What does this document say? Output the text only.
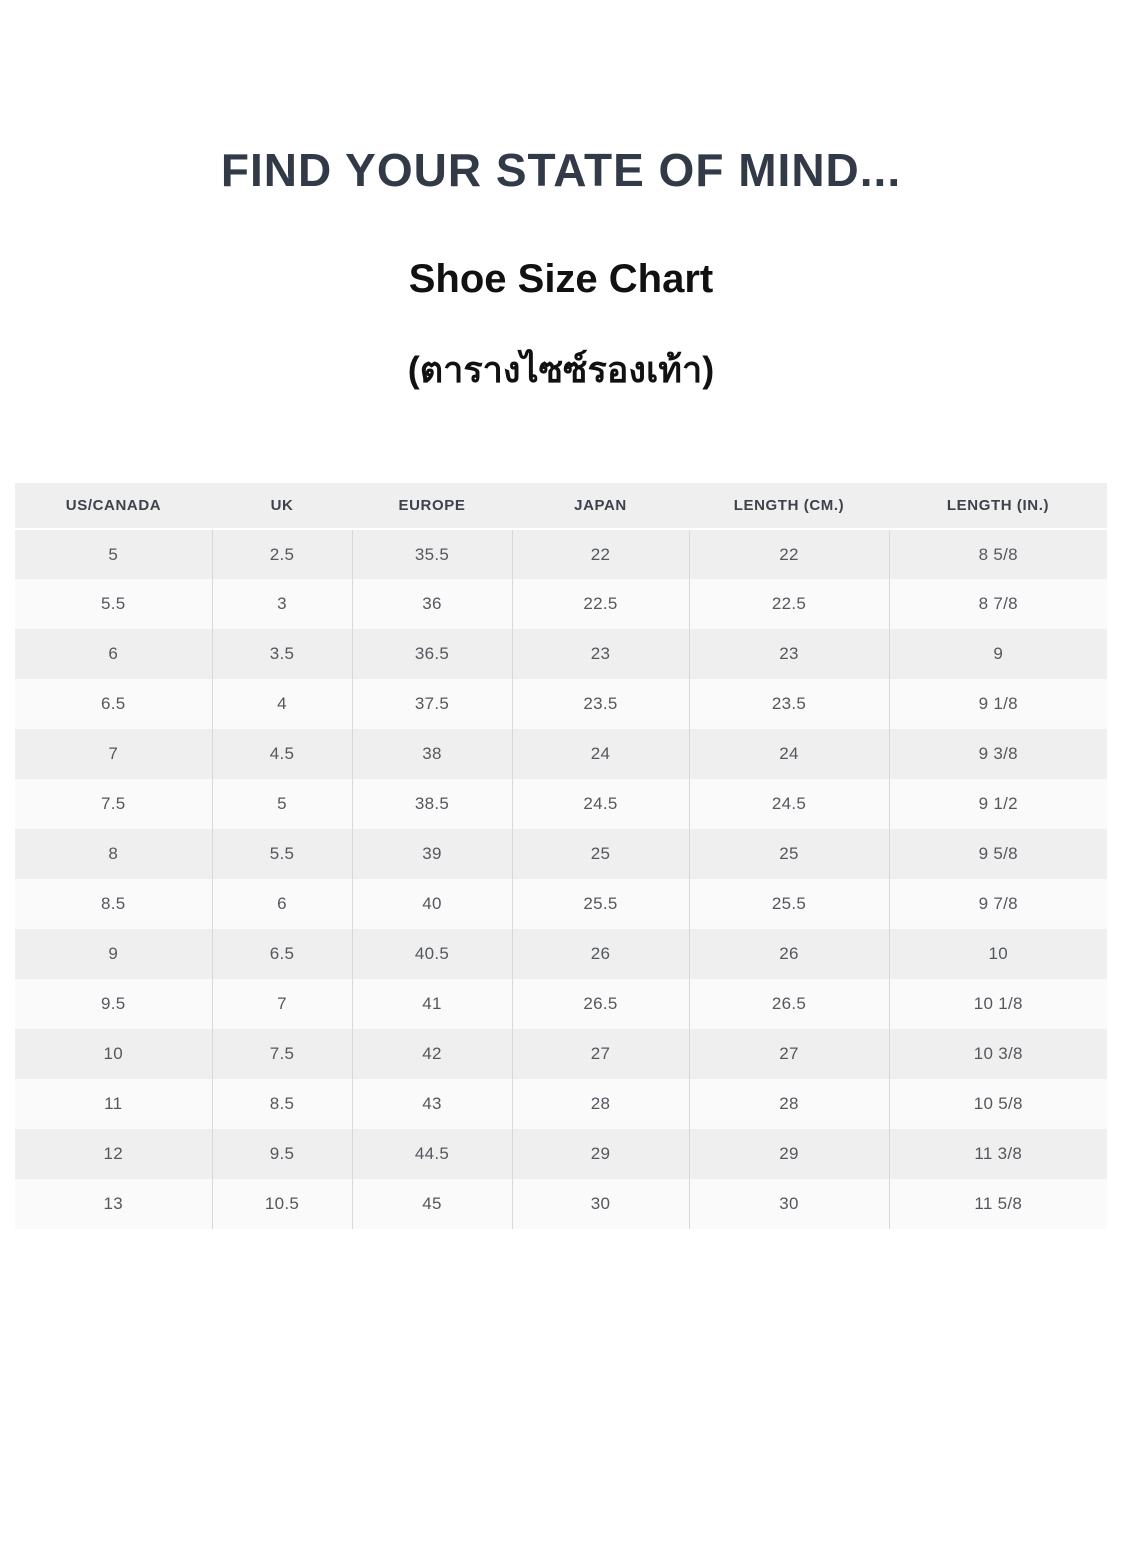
FIND YOUR STATE OF MIND...
Shoe Size Chart
(ตารางไซซ์รองเท้า)
US/CANADA	UK	EUROPE	JAPAN	LENGTH (CM.)	LENGTH (IN.)
5	2.5	35.5	22	22	8 5/8
5.5	3	36	22.5	22.5	8 7/8
6	3.5	36.5	23	23	9
6.5	4	37.5	23.5	23.5	9 1/8
7	4.5	38	24	24	9 3/8
7.5	5	38.5	24.5	24.5	9 1/2
8	5.5	39	25	25	9 5/8
8.5	6	40	25.5	25.5	9 7/8
9	6.5	40.5	26	26	10
9.5	7	41	26.5	26.5	10 1/8
10	7.5	42	27	27	10 3/8
11	8.5	43	28	28	10 5/8
12	9.5	44.5	29	29	11 3/8
13	10.5	45	30	30	11 5/8
